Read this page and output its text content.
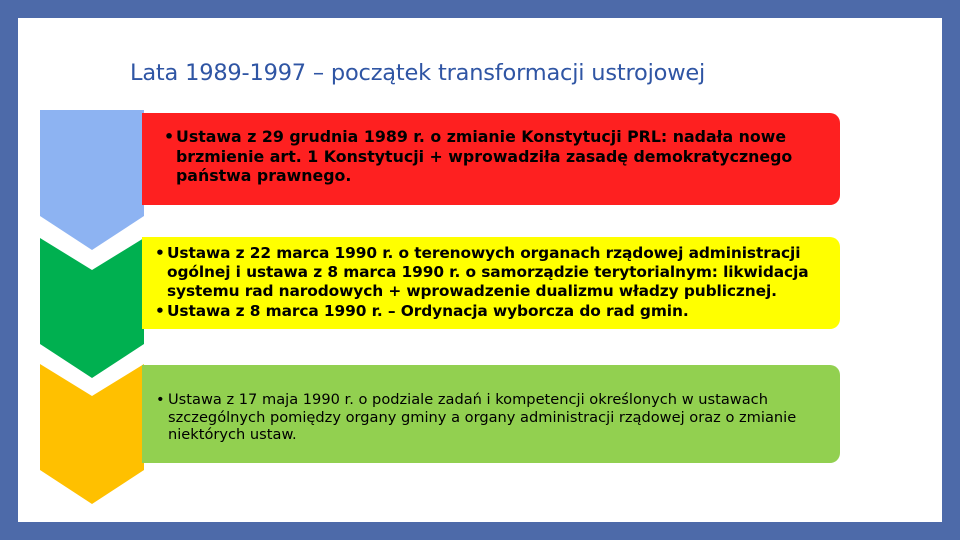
Lata 1989-1997 – początek transformacji ustrojowej
• Ustawa z 29 grudnia 1989 r. o zmianie Konstytucji PRL: nadała nowe brzmienie art. 1 Konstytucji + wprowadziła zasadę demokratycznego państwa prawnego.
• Ustawa z 22 marca 1990 r. o terenowych organach rządowej administracji ogólnej i ustawa z 8 marca 1990 r. o samorządzie terytorialnym: likwidacja systemu rad narodowych + wprowadzenie dualizmu władzy publicznej.
• Ustawa z 8 marca 1990 r. – Ordynacja wyborcza do rad gmin.
• Ustawa z 17 maja 1990 r. o podziale zadań i kompetencji określonych w ustawach szczególnych pomiędzy organy gminy a organy administracji rządowej oraz o zmianie niektórych ustaw.
